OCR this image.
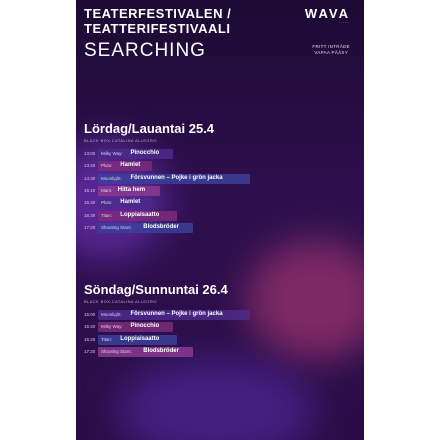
TEATERFESTIVALEN /
TEATTERIFESTIVAALI
SEARCHING
WAVA
······
FRITT INTRÄDE
VAPAA PÄÄSY
Lördag/Lauantai 25.4
BLACK BOX,CATALINA ALLEGRO
13:00 Milky Way: Pinocchio
13:40 Pluto: Hamlet
14:30 Moonlight: Försvunnen – Pojke i grön jacka
15:10 Mars: Hitta hem
15:40 Pluto: Hamlet
16:30 Titan: Loppiaisaatto
17:20 Shooting Stars: Blodsbröder
Söndag/Sunnuntai 26.4
BLACK BOX,CATALINA ALLEGRO
15:00 Moonlight: Försvunnen – Pojke i grön jacka
15:40 Milky Way: Pinocchio
16:20 Titan: Loppiaisaatto
17:20 Shooting Stars: Blodsbröder
